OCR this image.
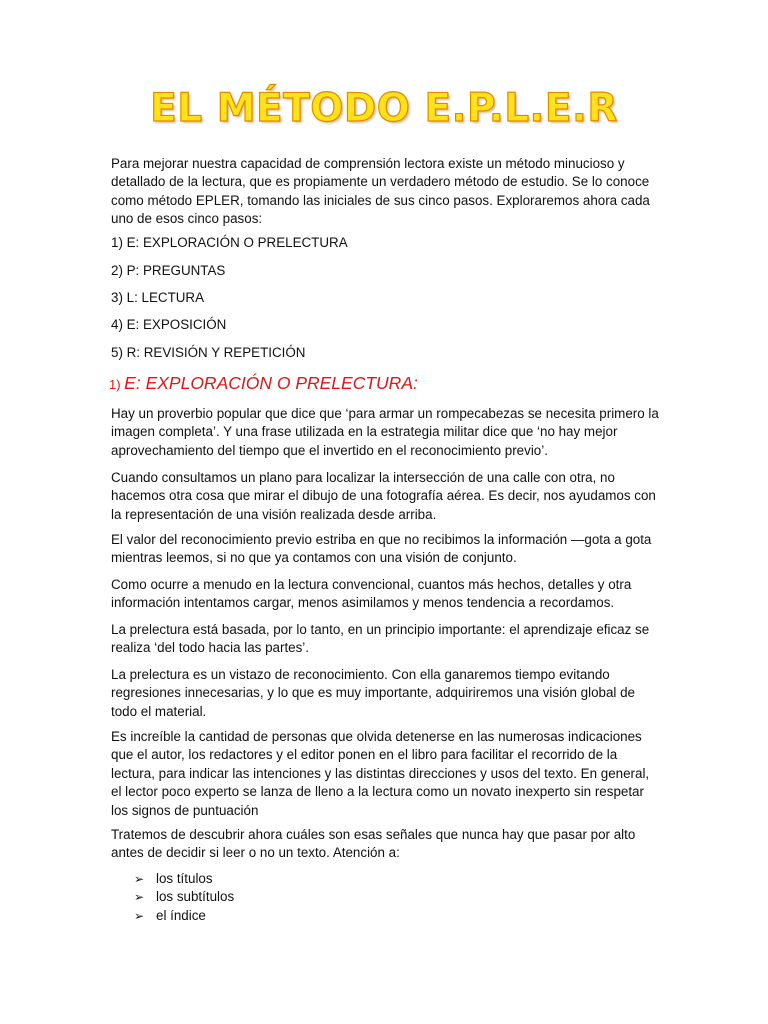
EL MÉTODO E.P.L.E.R

Para mejorar nuestra capacidad de comprensión lectora existe un método minucioso y detallado de la lectura, que es propiamente un verdadero método de estudio. Se lo conoce como método EPLER, tomando las iniciales de sus cinco pasos. Exploraremos ahora cada uno de esos cinco pasos:

1) E: EXPLORACIÓN O PRELECTURA
2) P: PREGUNTAS
3) L: LECTURA
4) E: EXPOSICIÓN
5) R: REVISIÓN Y REPETICIÓN
1) E: EXPLORACIÓN O PRELECTURA:

Hay un proverbio popular que dice que ‘para armar un rompecabezas se necesita primero la imagen completa’. Y una frase utilizada en la estrategia militar dice que ‘no hay mejor aprovechamiento del tiempo que el invertido en el reconocimiento previo’.

Cuando consultamos un plano para localizar la intersección de una calle con otra, no hacemos otra cosa que mirar el dibujo de una fotografía aérea. Es decir, nos ayudamos con la representación de una visión realizada desde arriba.

El valor del reconocimiento previo estriba en que no recibimos la información —gota a gota mientras leemos, si no que ya contamos con una visión de conjunto.

Como ocurre a menudo en la lectura convencional, cuantos más hechos, detalles y otra información intentamos cargar, menos asimilamos y menos tendencia a recordamos.

La prelectura está basada, por lo tanto, en un principio importante: el aprendizaje eficaz se realiza ‘del todo hacia las partes’.

La prelectura es un vistazo de reconocimiento. Con ella ganaremos tiempo evitando regresiones innecesarias, y lo que es muy importante, adquiriremos una visión global de todo el material.

Es increíble la cantidad de personas que olvida detenerse en las numerosas indicaciones que el autor, los redactores y el editor ponen en el libro para facilitar el recorrido de la lectura, para indicar las intenciones y las distintas direcciones y usos del texto. En general, el lector poco experto se lanza de lleno a la lectura como un novato inexperto sin respetar los signos de puntuación

Tratemos de descubrir ahora cuáles son esas señales que nunca hay que pasar por alto antes de decidir si leer o no un texto. Atención a:

➢ los títulos
➢ los subtítulos
➢ el índice
